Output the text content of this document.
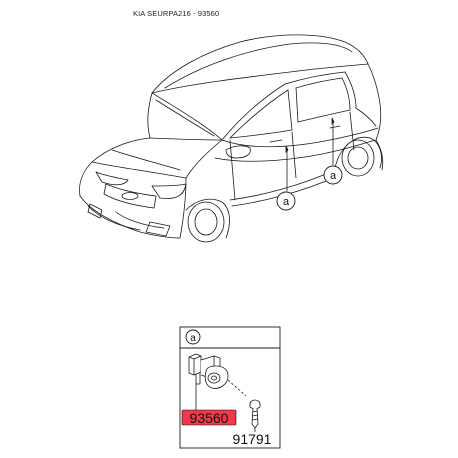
KIA SEURPA216 - 93560
a
a
a
93560
91791
